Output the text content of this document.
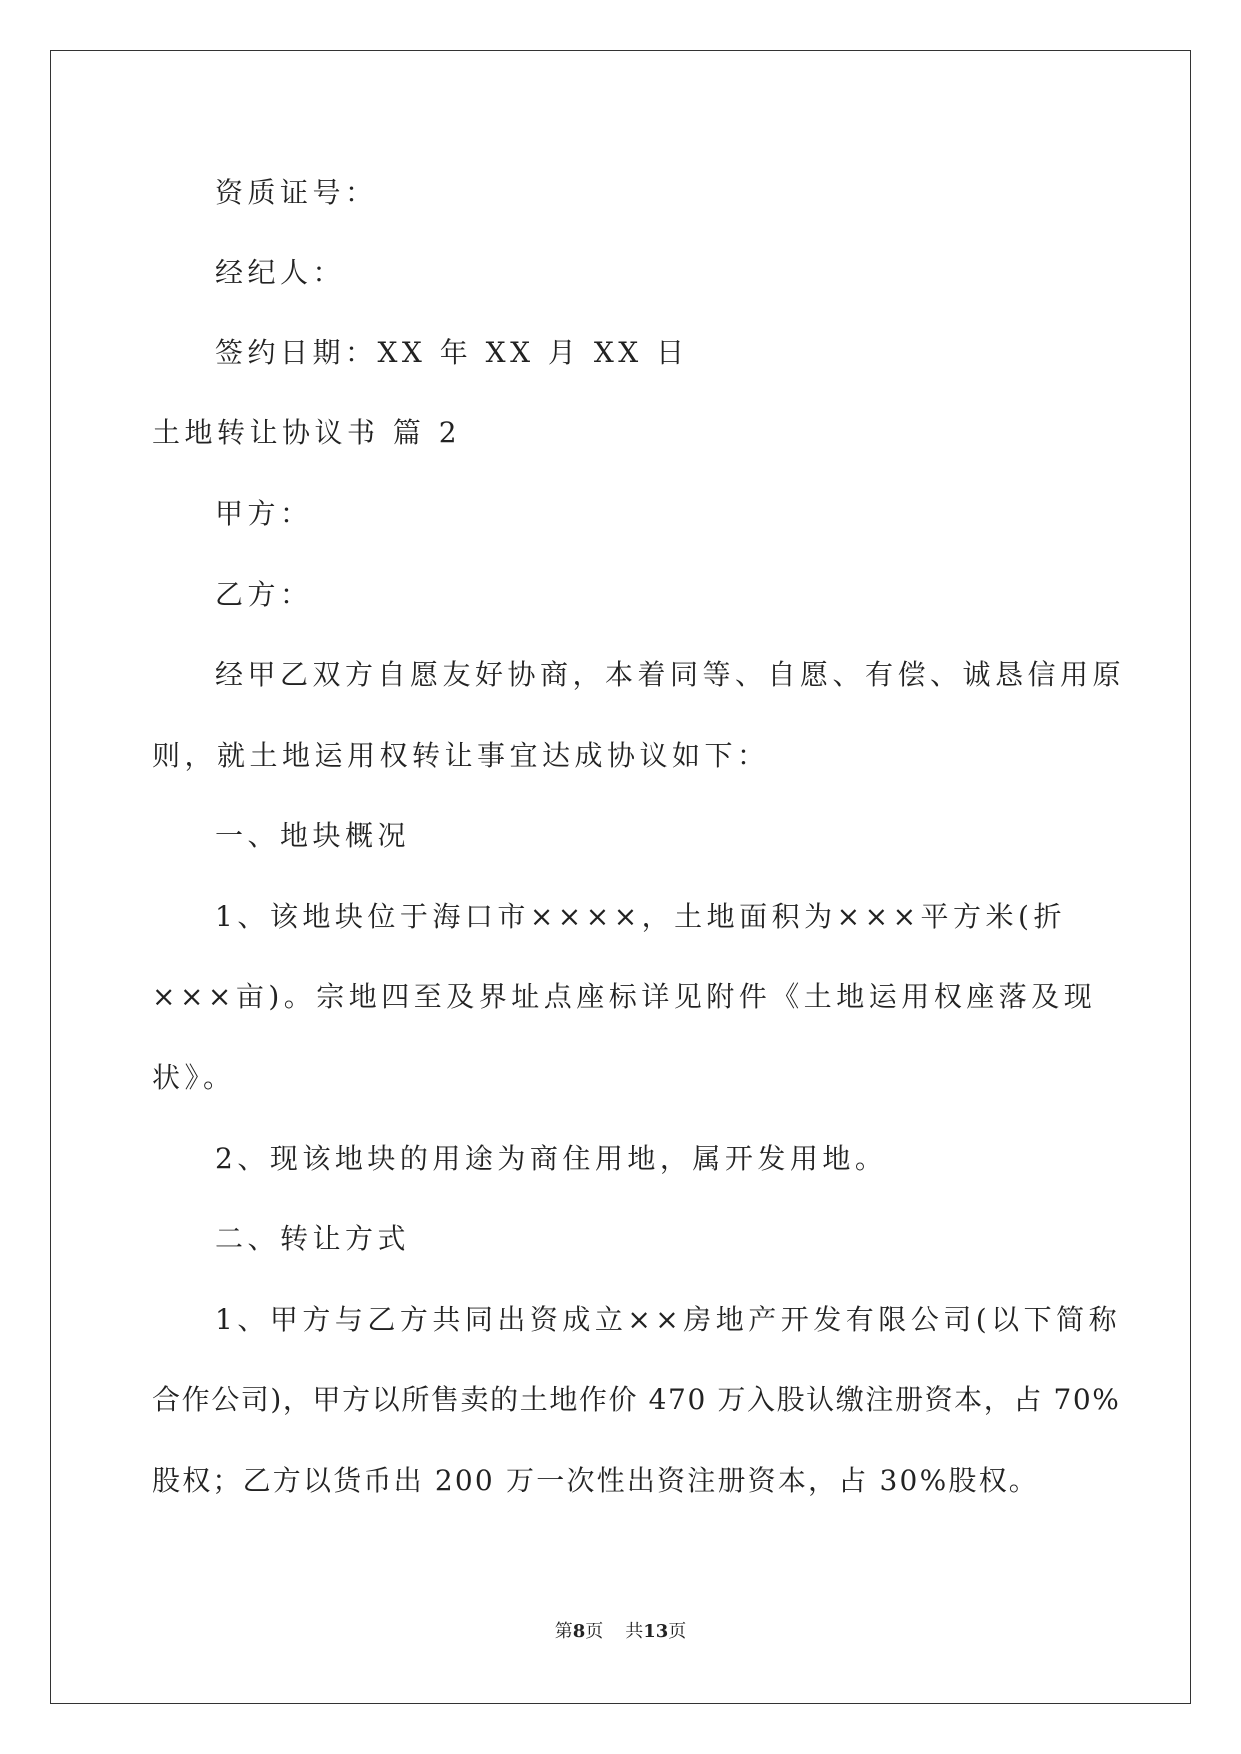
资质证号：
经纪人：
签约日期：XX 年 XX 月 XX 日
土地转让协议书 篇 2
甲方：
乙方：
经甲乙双方自愿友好协商，本着同等、自愿、有偿、诚恳信用原
则，就土地运用权转让事宜达成协议如下：
一、地块概况
1、该地块位于海口市××××，土地面积为×××平方米(折
×××亩)。宗地四至及界址点座标详见附件《土地运用权座落及现
状》。
2、现该地块的用途为商住用地，属开发用地。
二、转让方式
1、甲方与乙方共同出资成立××房地产开发有限公司(以下简称
合作公司)，甲方以所售卖的土地作价 470 万入股认缴注册资本，占 70%
股权；乙方以货币出 200 万一次性出资注册资本，占 30%股权。
第8页 共13页
